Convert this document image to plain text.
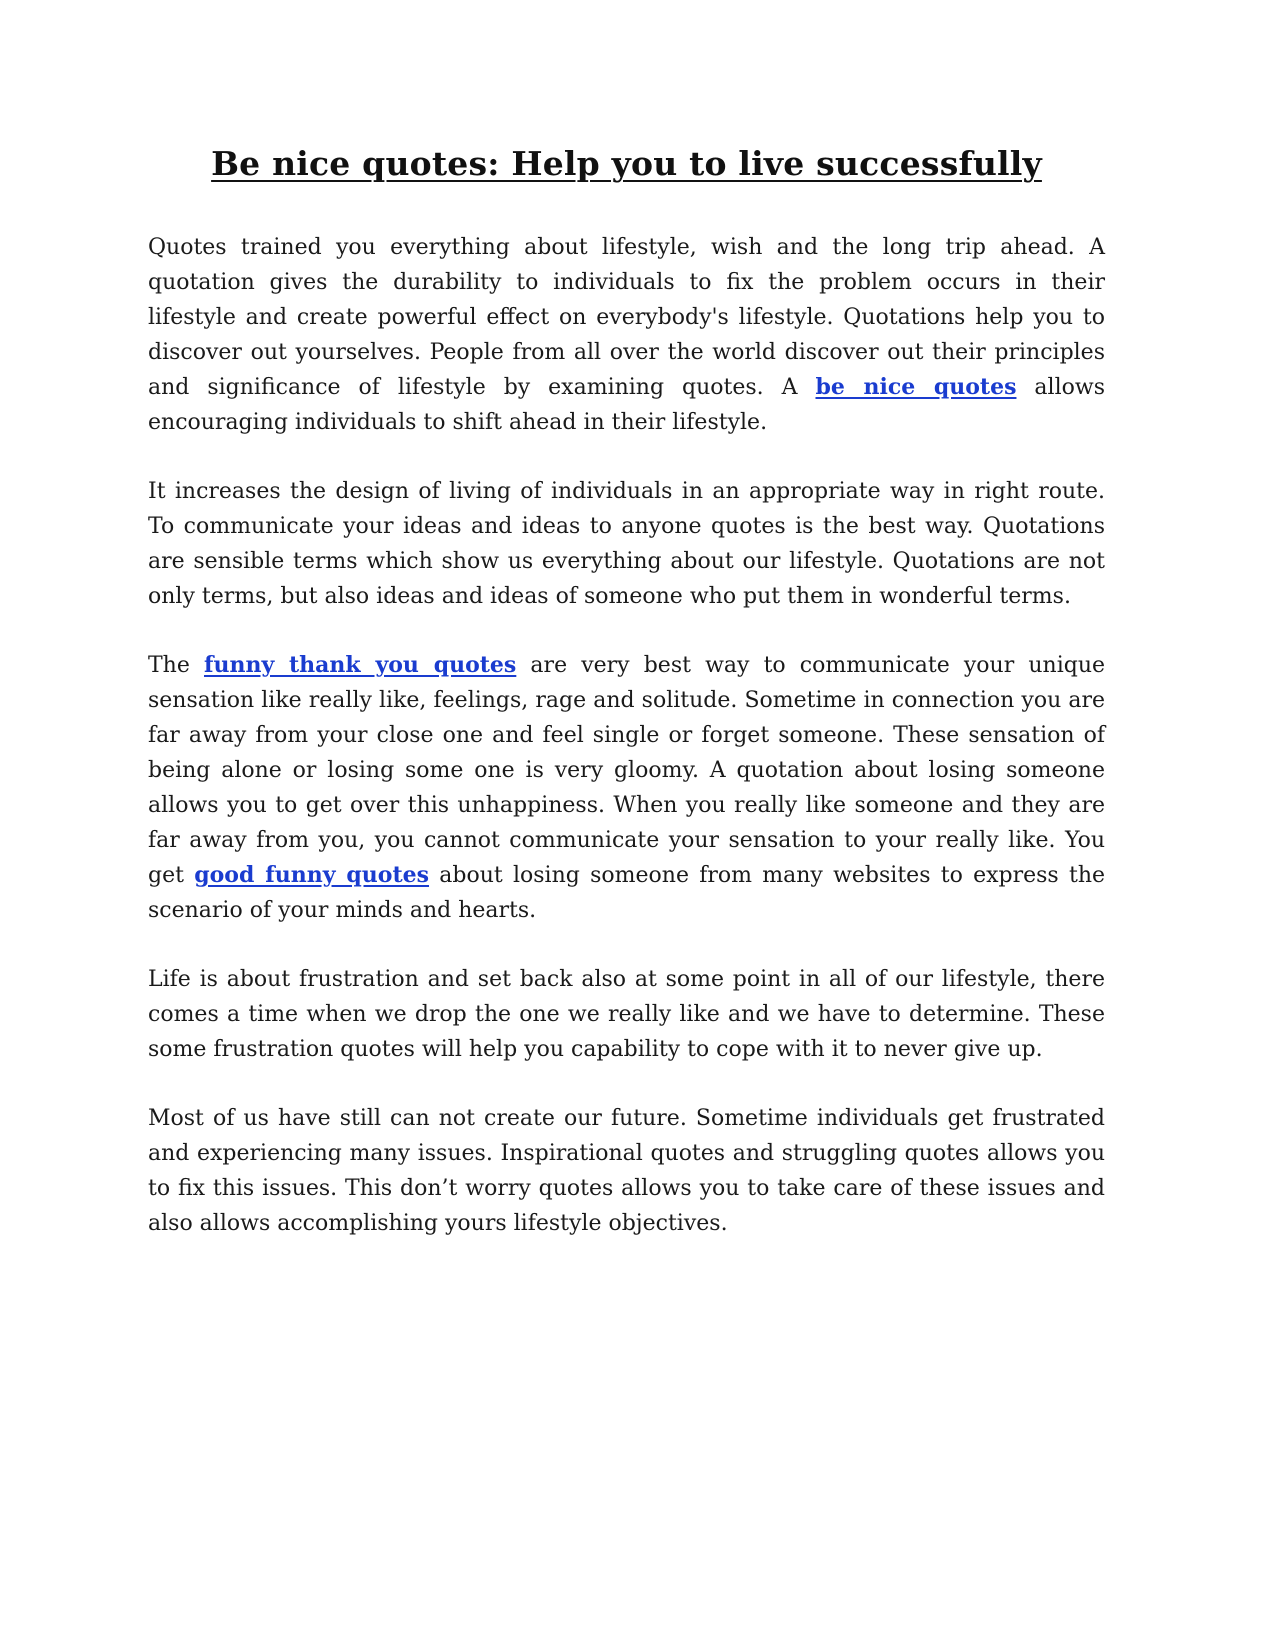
Be nice quotes: Help you to live successfully

Quotes trained you everything about lifestyle, wish and the long trip ahead. A quotation gives the durability to individuals to fix the problem occurs in their lifestyle and create powerful effect on everybody's lifestyle. Quotations help you to discover out yourselves. People from all over the world discover out their principles and significance of lifestyle by examining quotes. A be nice quotes allows encouraging individuals to shift ahead in their lifestyle.

It increases the design of living of individuals in an appropriate way in right route. To communicate your ideas and ideas to anyone quotes is the best way. Quotations are sensible terms which show us everything about our lifestyle. Quotations are not only terms, but also ideas and ideas of someone who put them in wonderful terms.

The funny thank you quotes are very best way to communicate your unique sensation like really like, feelings, rage and solitude. Sometime in connection you are far away from your close one and feel single or forget someone. These sensation of being alone or losing some one is very gloomy. A quotation about losing someone allows you to get over this unhappiness. When you really like someone and they are far away from you, you cannot communicate your sensation to your really like. You get good funny quotes about losing someone from many websites to express the scenario of your minds and hearts.

Life is about frustration and set back also at some point in all of our lifestyle, there comes a time when we drop the one we really like and we have to determine. These some frustration quotes will help you capability to cope with it to never give up.

Most of us have still can not create our future. Sometime individuals get frustrated and experiencing many issues. Inspirational quotes and struggling quotes allows you to fix this issues. This don’t worry quotes allows you to take care of these issues and also allows accomplishing yours lifestyle objectives.
